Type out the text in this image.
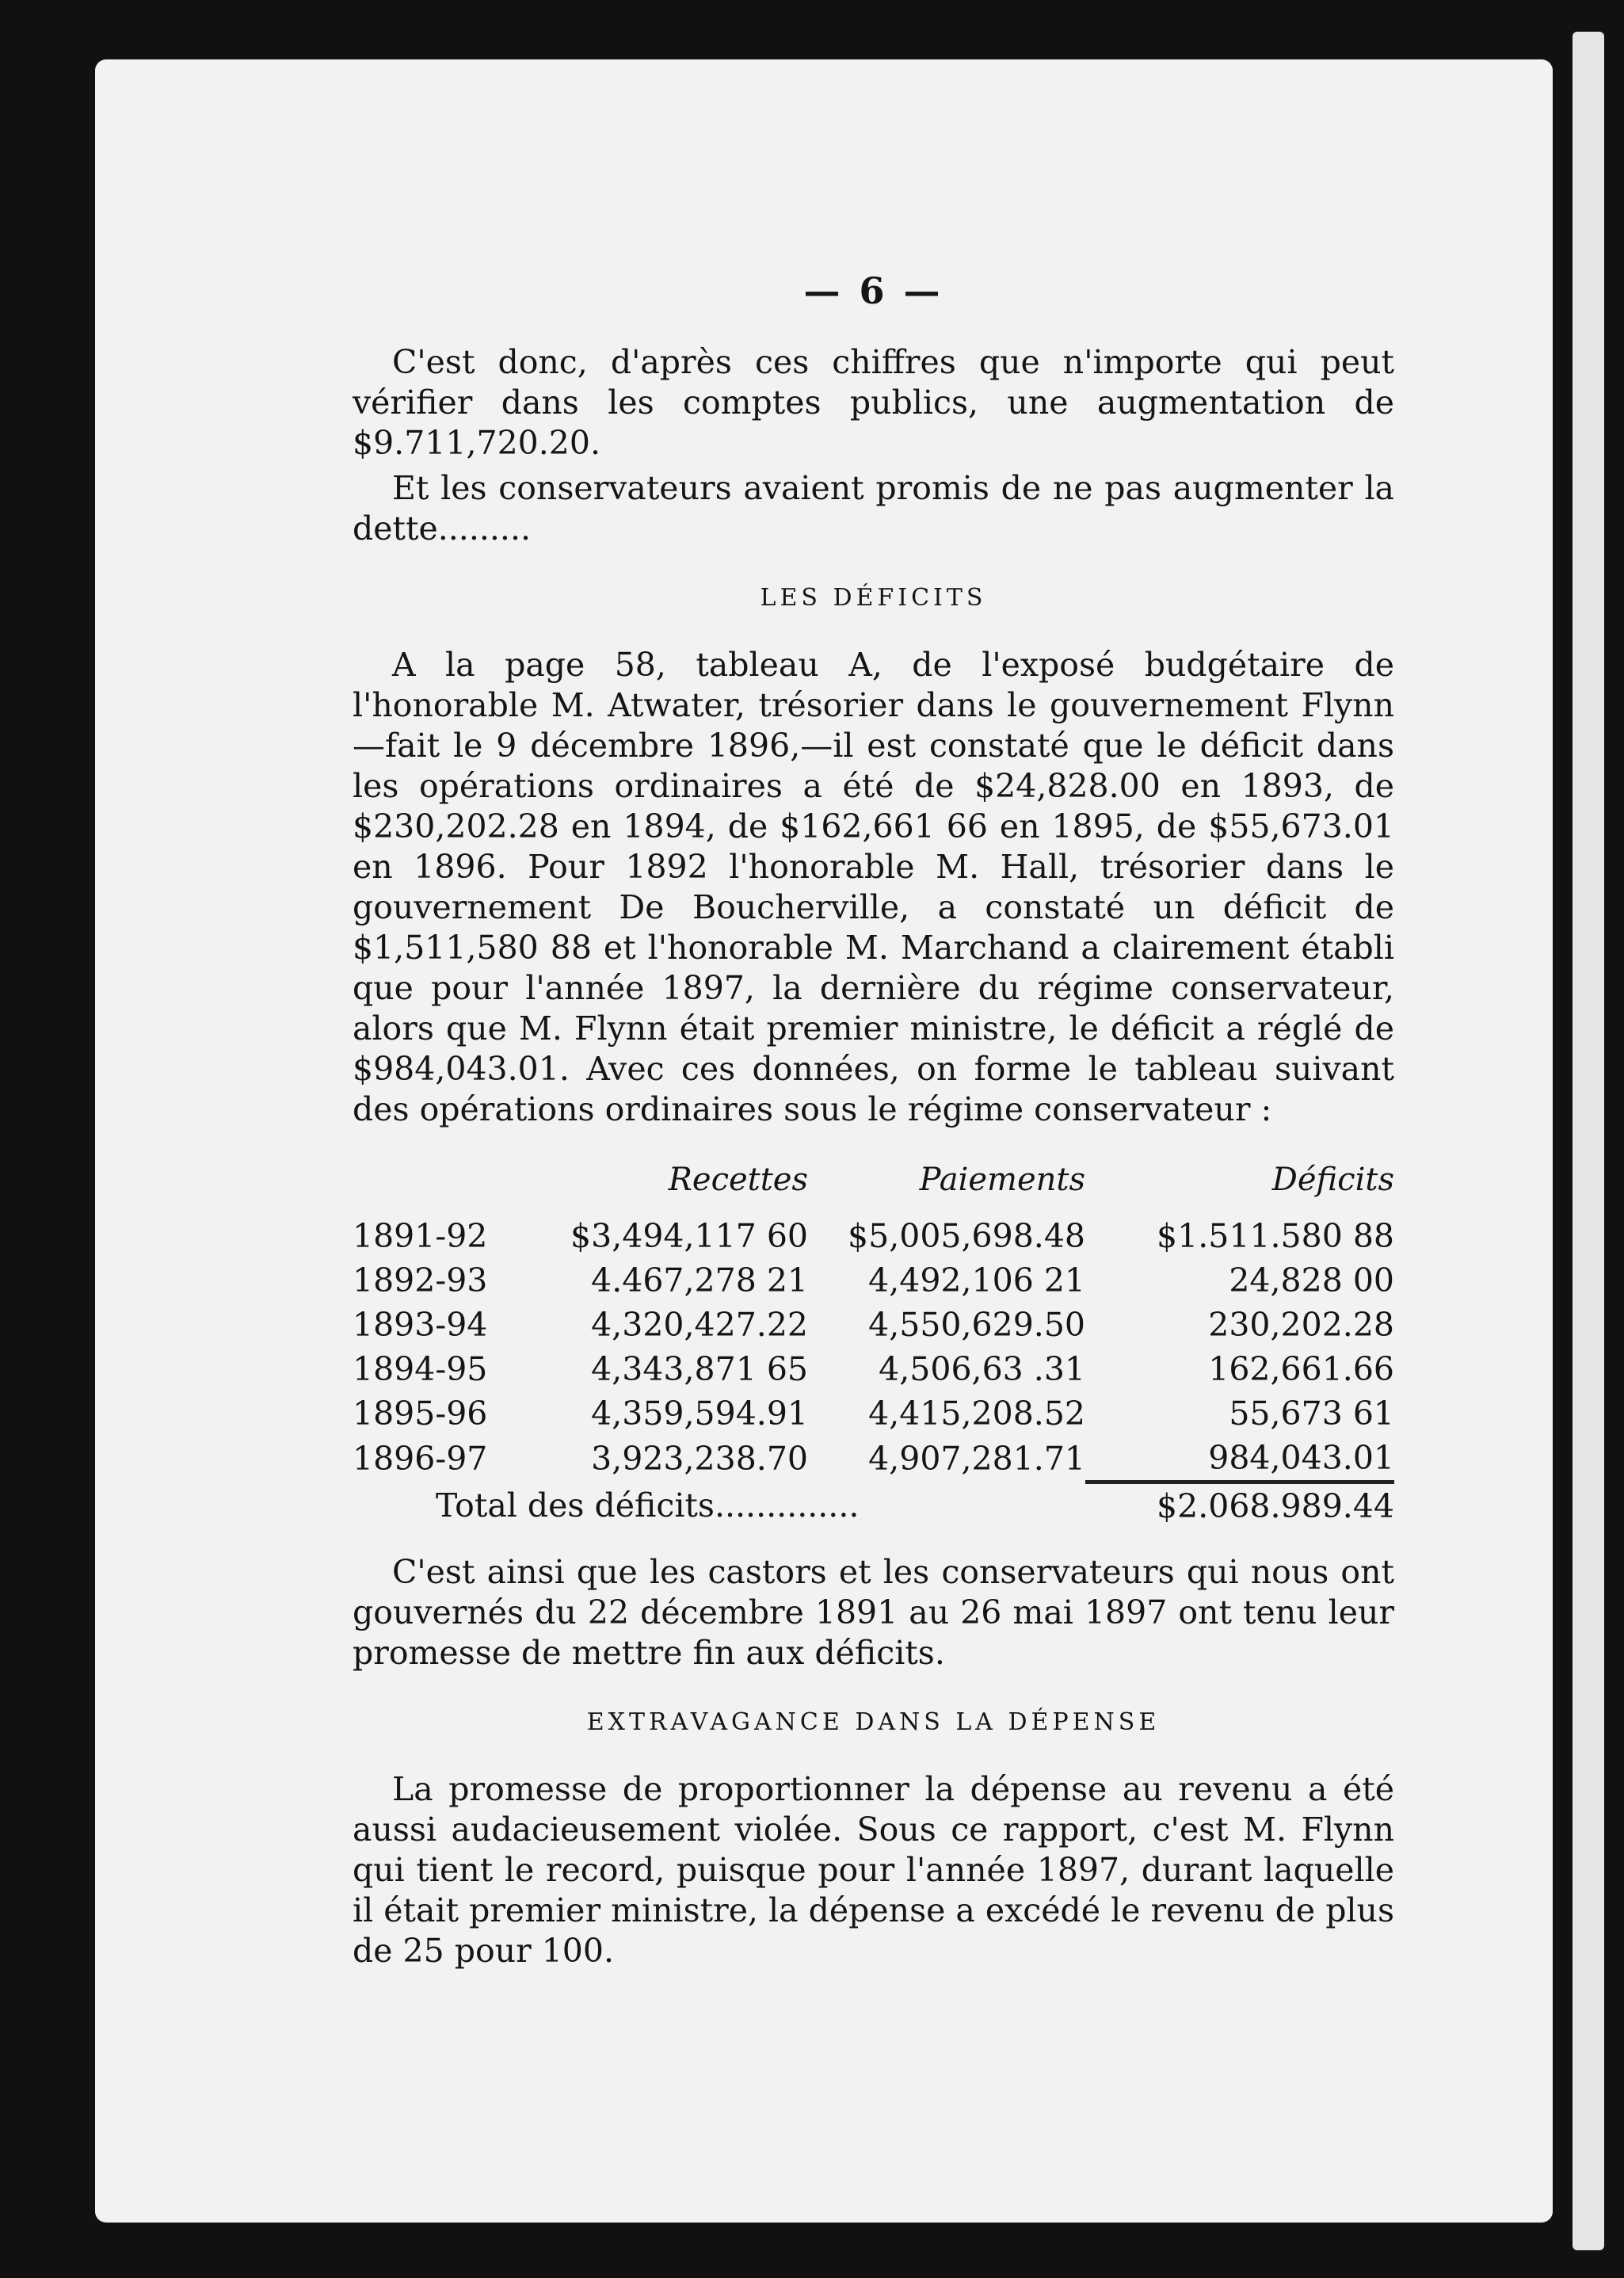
— 6 —

C'est donc, d'après ces chiffres que n'importe qui peut vérifier dans les comptes publics, une augmentation de $9.711,720.20.

Et les conservateurs avaient promis de ne pas augmenter la dette.........

LES DÉFICITS

A la page 58, tableau A, de l'exposé budgétaire de l'honorable M. Atwater, trésorier dans le gouvernement Flynn—fait le 9 décembre 1896,—il est constaté que le déficit dans les opérations ordinaires a été de $24,828.00 en 1893, de $230,202.28 en 1894, de $162,661 66 en 1895, de $55,673.01 en 1896. Pour 1892 l'honorable M. Hall, trésorier dans le gouvernement De Boucherville, a constaté un déficit de $1,511,580 88 et l'honorable M. Marchand a clairement établi que pour l'année 1897, la dernière du régime conservateur, alors que M. Flynn était premier ministre, le déficit a réglé de $984,043.01. Avec ces données, on forme le tableau suivant des opérations ordinaires sous le régime conservateur :

	Recettes	Paiements	Déficits
1891-92	$3,494,117 60	$5,005,698.48	$1.511.580 88
1892-93	4.467,278 21	4,492,106 21	24,828 00
1893-94	4,320,427.22	4,550,629.50	230,202.28
1894-95	4,343,871 65	4,506,63 .31	162,661.66
1895-96	4,359,594.91	4,415,208.52	55,673 61
1896-97	3,923,238.70	4,907,281.71	984,043.01
Total des déficits..............			$2.068.989.44

C'est ainsi que les castors et les conservateurs qui nous ont gouvernés du 22 décembre 1891 au 26 mai 1897 ont tenu leur promesse de mettre fin aux déficits.

EXTRAVAGANCE DANS LA DÉPENSE

La promesse de proportionner la dépense au revenu a été aussi audacieusement violée. Sous ce rapport, c'est M. Flynn qui tient le record, puisque pour l'année 1897, durant laquelle il était premier ministre, la dépense a excédé le revenu de plus de 25 pour 100.
